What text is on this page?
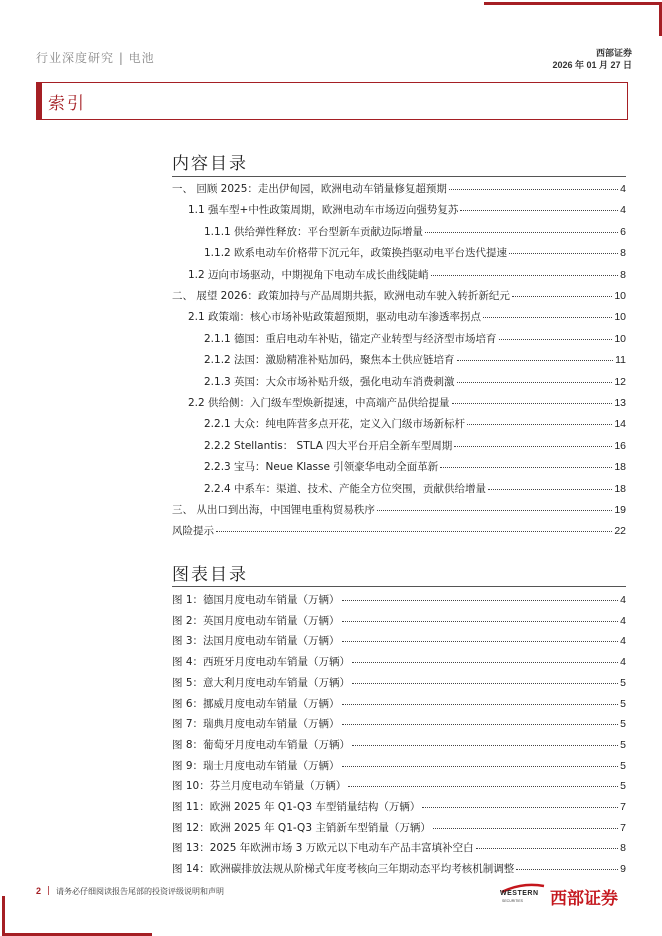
行业深度研究 | 电池	西部证券
2026 年 01 月 27 日
索引
内容目录
一、 回顾 2025：走出伊甸园，欧洲电动车销量修复超预期	4
1.1 强车型+中性政策周期，欧洲电动车市场迈向强势复苏	4
1.1.1 供给弹性释放：平台型新车贡献边际增量	6
1.1.2 欧系电动车价格带下沉元年，政策换挡驱动电平台迭代提速	8
1.2 迈向市场驱动，中期视角下电动车成长曲线陡峭	8
二、 展望 2026：政策加持与产品周期共振，欧洲电动车驶入转折新纪元	10
2.1 政策端：核心市场补贴政策超预期，驱动电动车渗透率拐点	10
2.1.1 德国：重启电动车补贴，锚定产业转型与经济型市场培育	10
2.1.2 法国：激励精准补贴加码，聚焦本土供应链培育	11
2.1.3 英国：大众市场补贴升级，强化电动车消费刺激	12
2.2 供给侧：入门级车型焕新提速，中高端产品供给提量	13
2.2.1 大众：纯电阵营多点开花，定义入门级市场新标杆	14
2.2.2 Stellantis： STLA 四大平台开启全新车型周期	16
2.2.3 宝马：Neue Klasse 引领豪华电动全面革新	18
2.2.4 中系车：渠道、技术、产能全方位突围，贡献供给增量	18
三、 从出口到出海，中国锂电重构贸易秩序	19
风险提示	22
图表目录
图 1：德国月度电动车销量（万辆）	4
图 2：英国月度电动车销量（万辆）	4
图 3：法国月度电动车销量（万辆）	4
图 4：西班牙月度电动车销量（万辆）	4
图 5：意大利月度电动车销量（万辆）	5
图 6：挪威月度电动车销量（万辆）	5
图 7：瑞典月度电动车销量（万辆）	5
图 8：葡萄牙月度电动车销量（万辆）	5
图 9：瑞士月度电动车销量（万辆）	5
图 10：芬兰月度电动车销量（万辆）	5
图 11：欧洲 2025 年 Q1-Q3 车型销量结构（万辆）	7
图 12：欧洲 2025 年 Q1-Q3 主销新车型销量（万辆）	7
图 13：2025 年欧洲市场 3 万欧元以下电动车产品丰富填补空白	8
图 14：欧洲碳排放法规从阶梯式年度考核向三年期动态平均考核机制调整	9
2 | 请务必仔细阅读报告尾部的投资评级说明和声明	WESTERN
SECURITIES 西部证券
